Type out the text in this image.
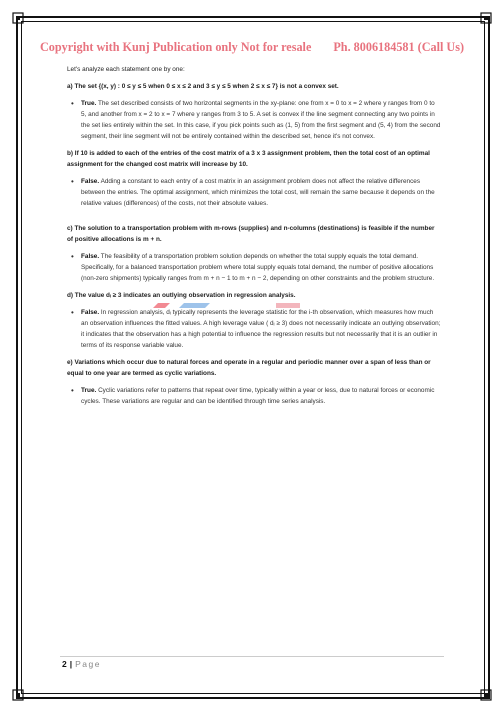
Copyright with Kunj Publication only Not for resale Ph. 8006184581 (Call Us)

Let's analyze each statement one by one:

a) The set {(x, y) : 0 ≤ y ≤ 5 when 0 ≤ x ≤ 2 and 3 ≤ y ≤ 5 when 2 ≤ x ≤ 7} is not a convex set.

• True. The set described consists of two horizontal segments in the xy-plane: one from x = 0 to x = 2 where y ranges from 0 to 5, and another from x = 2 to x = 7 where y ranges from 3 to 5. A set is convex if the line segment connecting any two points in the set lies entirely within the set. In this case, if you pick points such as (1, 5) from the first segment and (5, 4) from the second segment, their line segment will not be entirely contained within the described set, hence it's not convex.

b) If 10 is added to each of the entries of the cost matrix of a 3 x 3 assignment problem, then the total cost of an optimal assignment for the changed cost matrix will increase by 10.

• False. Adding a constant to each entry of a cost matrix in an assignment problem does not affect the relative differences between the entries. The optimal assignment, which minimizes the total cost, will remain the same because it depends on the relative values (differences) of the costs, not their absolute values.

c) The solution to a transportation problem with m-rows (supplies) and n-columns (destinations) is feasible if the number of positive allocations is m + n.

• False. The feasibility of a transportation problem solution depends on whether the total supply equals the total demand. Specifically, for a balanced transportation problem where total supply equals total demand, the number of positive allocations (non-zero shipments) typically ranges from m + n − 1 to m + n − 2, depending on other constraints and the problem structure.

d) The value dᵢ ≥ 3 indicates an outlying observation in regression analysis.

• False. In regression analysis, dᵢ typically represents the leverage statistic for the i-th observation, which measures how much an observation influences the fitted values. A high leverage value ( dᵢ ≥ 3) does not necessarily indicate an outlying observation; it indicates that the observation has a high potential to influence the regression results but not necessarily that it is an outlier in terms of its response variable value.

e) Variations which occur due to natural forces and operate in a regular and periodic manner over a span of less than or equal to one year are termed as cyclic variations.

• True. Cyclic variations refer to patterns that repeat over time, typically within a year or less, due to natural forces or economic cycles. These variations are regular and can be identified through time series analysis.
2 | Page
